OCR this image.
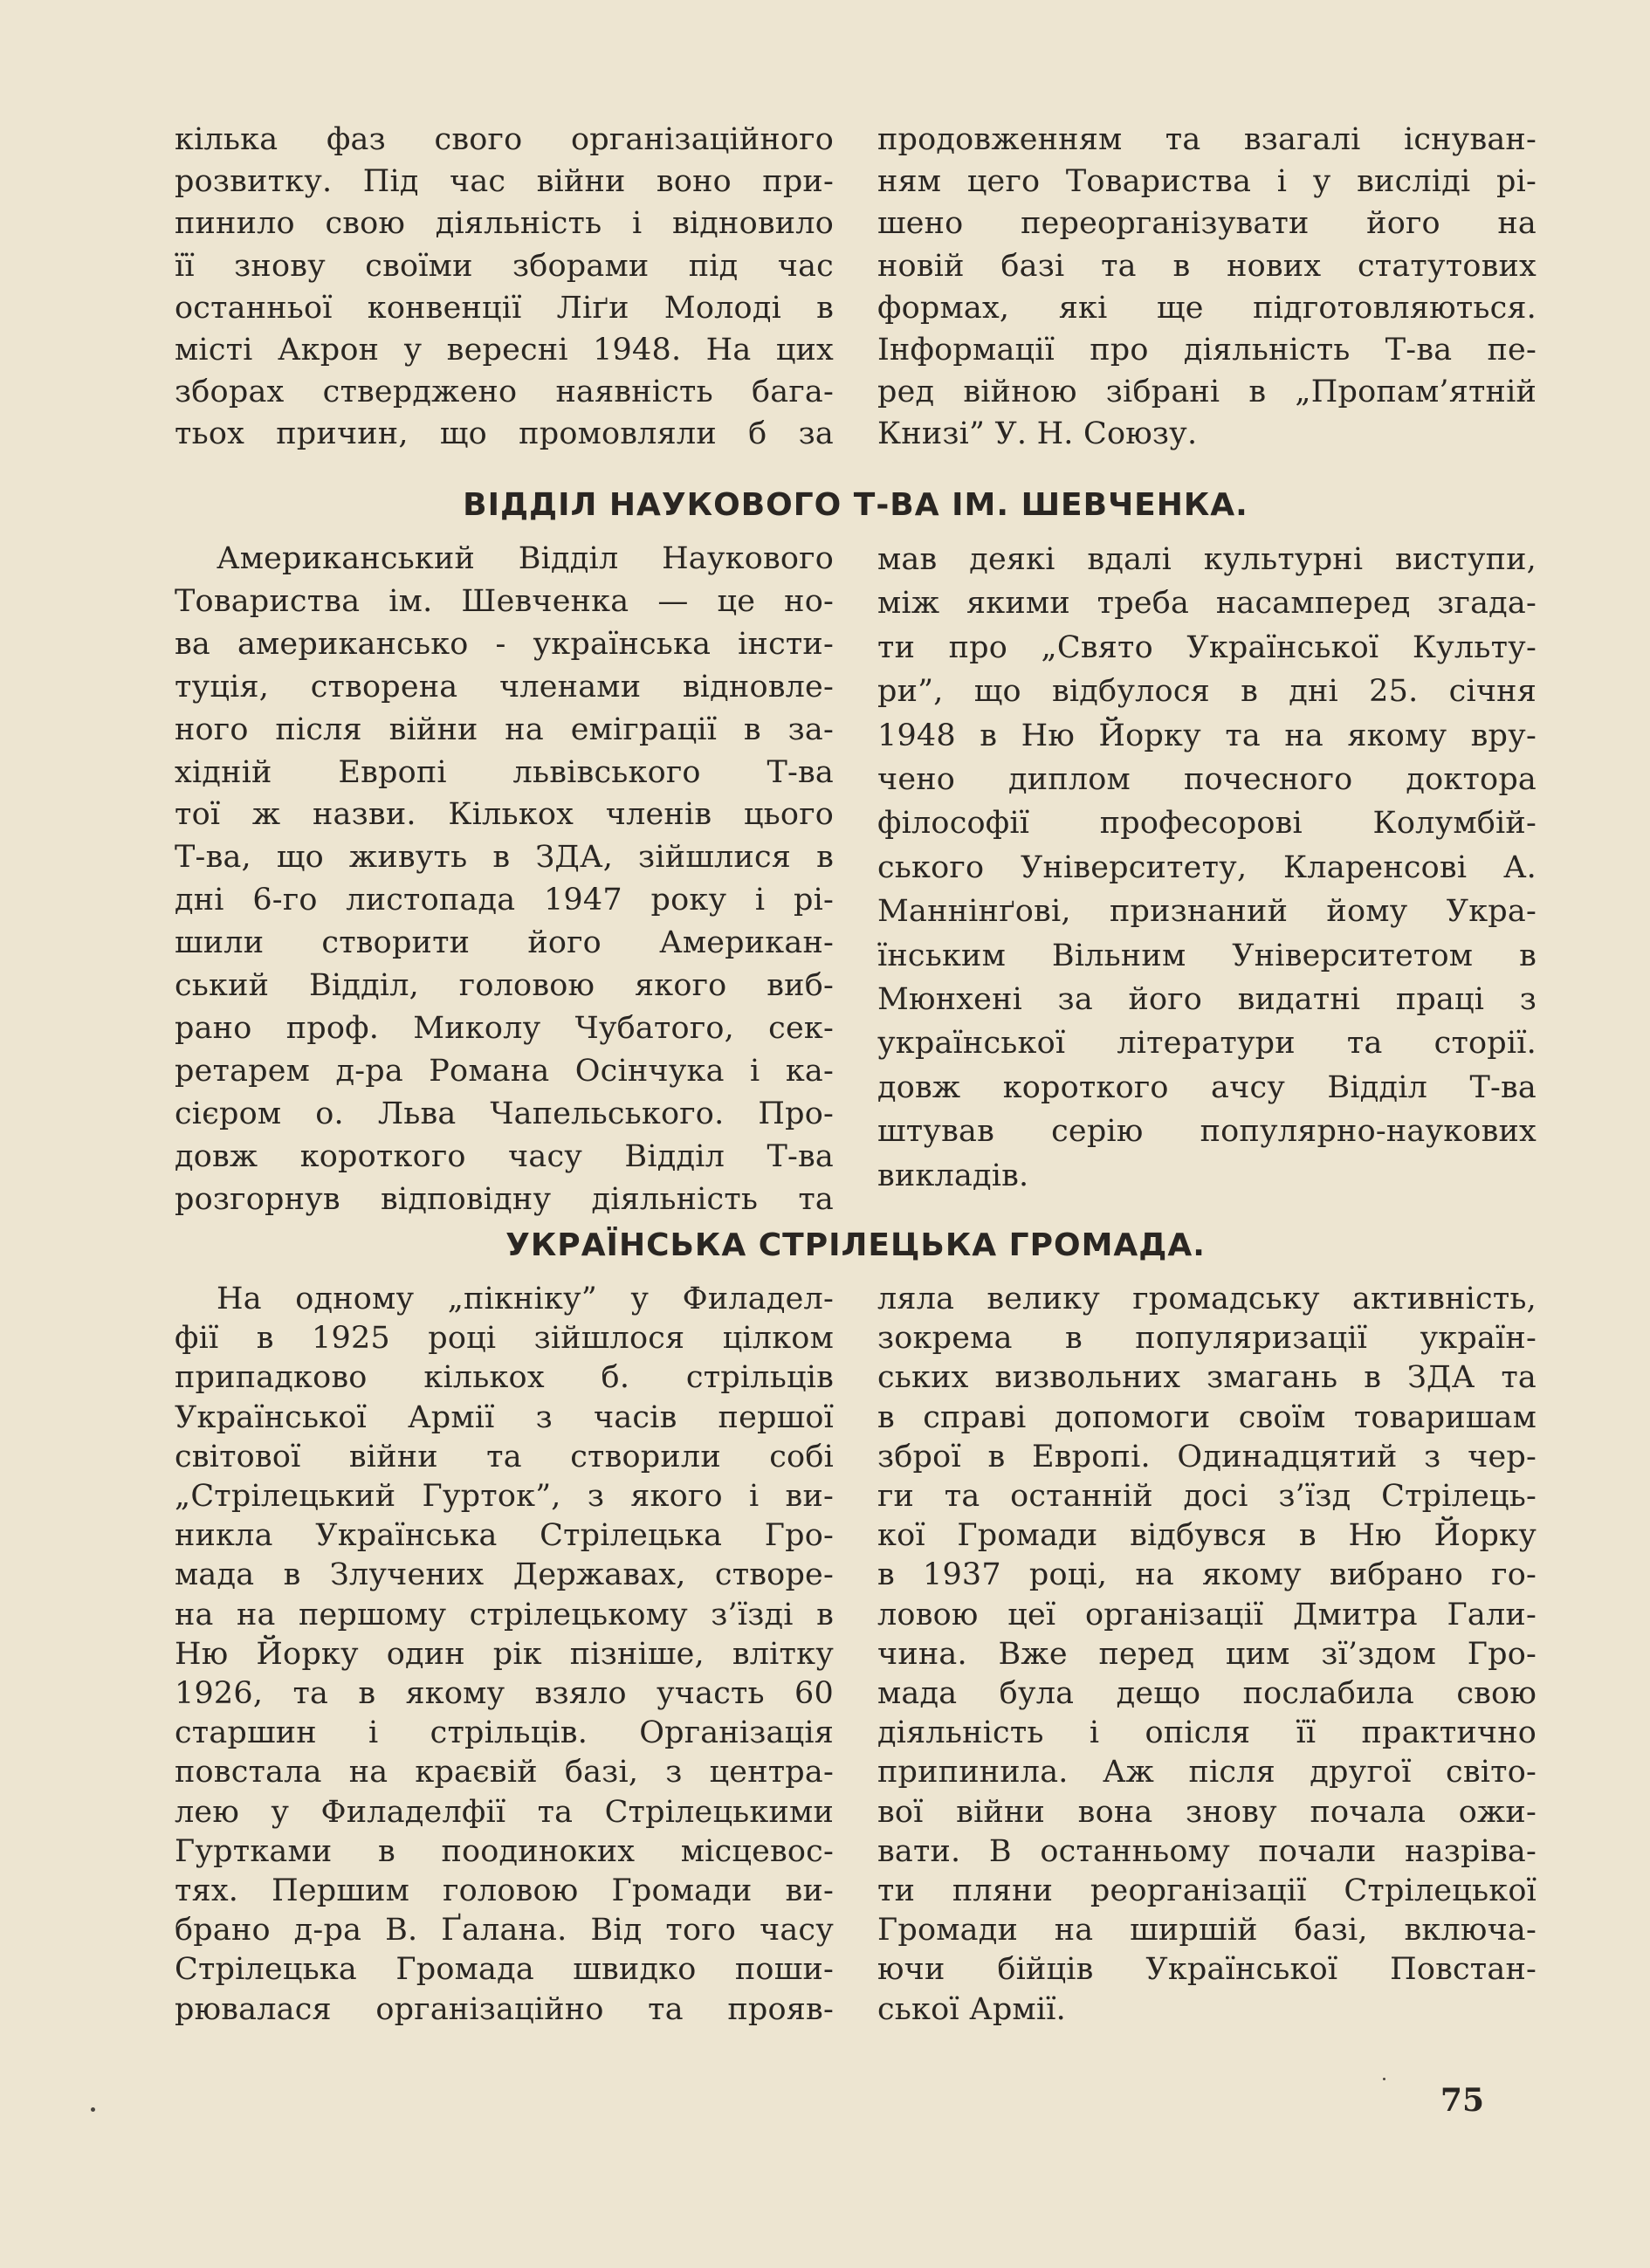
кілька фаз свого організаційного
розвитку. Під час війни воно при-
пинило свою діяльність і відновило
її знову своїми зборами під час
останньої конвенції Ліґи Молоді в
місті Акрон у вересні 1948. На цих
зборах стверджено наявність бага-
тьох причин, що промовляли б за
продовженням та взагалі існуван-
ням цего Товариства і у висліді рі-
шено переорганізувати його на
новій базі та в нових статутових
формах, які ще підготовляються.
Інформації про діяльність Т-ва пе-
ред війною зібрані в „Пропам’ятній
Книзі” У. Н. Союзу.
ВІДДІЛ НАУКОВОГО Т-ВА ІМ. ШЕВЧЕНКА.
Американський Відділ Наукового
Товариства ім. Шевченка — це но-
ва американсько - українська інсти-
туція, створена членами відновле-
ного після війни на еміграції в за-
хідній Европі львівського Т-ва
тої ж назви. Кількох членів цього
Т-ва, що живуть в ЗДА, зійшлися в
дні 6-го листопада 1947 року і рі-
шили створити його Американ-
ський Відділ, головою якого виб-
рано проф. Миколу Чубатого, сек-
ретарем д-ра Романа Осінчука і ка-
сієром о. Льва Чапельського. Про-
довж короткого часу Відділ Т-ва
розгорнув відповідну діяльність та
мав деякі вдалі культурні виступи,
між якими треба насамперед згада-
ти про „Свято Української Культу-
ри”, що відбулося в дні 25. січня
1948 в Ню Йорку та на якому вру-
чено диплом почесного доктора
філософії професорові Колумбій-
ського Університету, Кларенсові А.
Маннінґові, признаний йому Укра-
їнським Вільним Університетом в
Мюнхені за його видатні праці з
української літератури та сторії.
довж короткого ачсу Відділ Т-ва
штував серію популярно-наукових
викладів.
УКРАЇНСЬКА СТРІЛЕЦЬКА ГРОМАДА.
На одному „пікніку” у Филадел-
фії в 1925 році зійшлося цілком
припадково кількох б. стрільців
Української Армії з часів першої
світової війни та створили собі
„Стрілецький Гурток”, з якого і ви-
никла Українська Стрілецька Гро-
мада в Злучених Державах, створе-
на на першому стрілецькому з’їзді в
Ню Йорку один рік пізніше, влітку
1926, та в якому взяло участь 60
старшин і стрільців. Організація
повстала на краєвій базі, з центра-
лею у Филаделфії та Стрілецькими
Гуртками в поодиноких місцевос-
тях. Першим головою Громади ви-
брано д-ра В. Ґалана. Від того часу
Стрілецька Громада швидко поши-
рювалася організаційно та прояв-
ляла велику громадську активність,
зокрема в популяризації україн-
ських визвольних змагань в ЗДА та
в справі допомоги своїм товаришам
зброї в Европі. Одинадцятий з чер-
ги та останній досі з’їзд Стрілець-
кої Громади відбувся в Ню Йорку
в 1937 році, на якому вибрано го-
ловою цеї організації Дмитра Гали-
чина. Вже перед цим зї’здом Гро-
мада була дещо послабила свою
діяльність і опісля її практично
припинила. Аж після другої світо-
вої війни вона знову почала ожи-
вати. В останньому почали назріва-
ти пляни реорганізації Стрілецької
Громади на ширшій базі, включа-
ючи бійців Української Повстан-
ської Армії.
75
